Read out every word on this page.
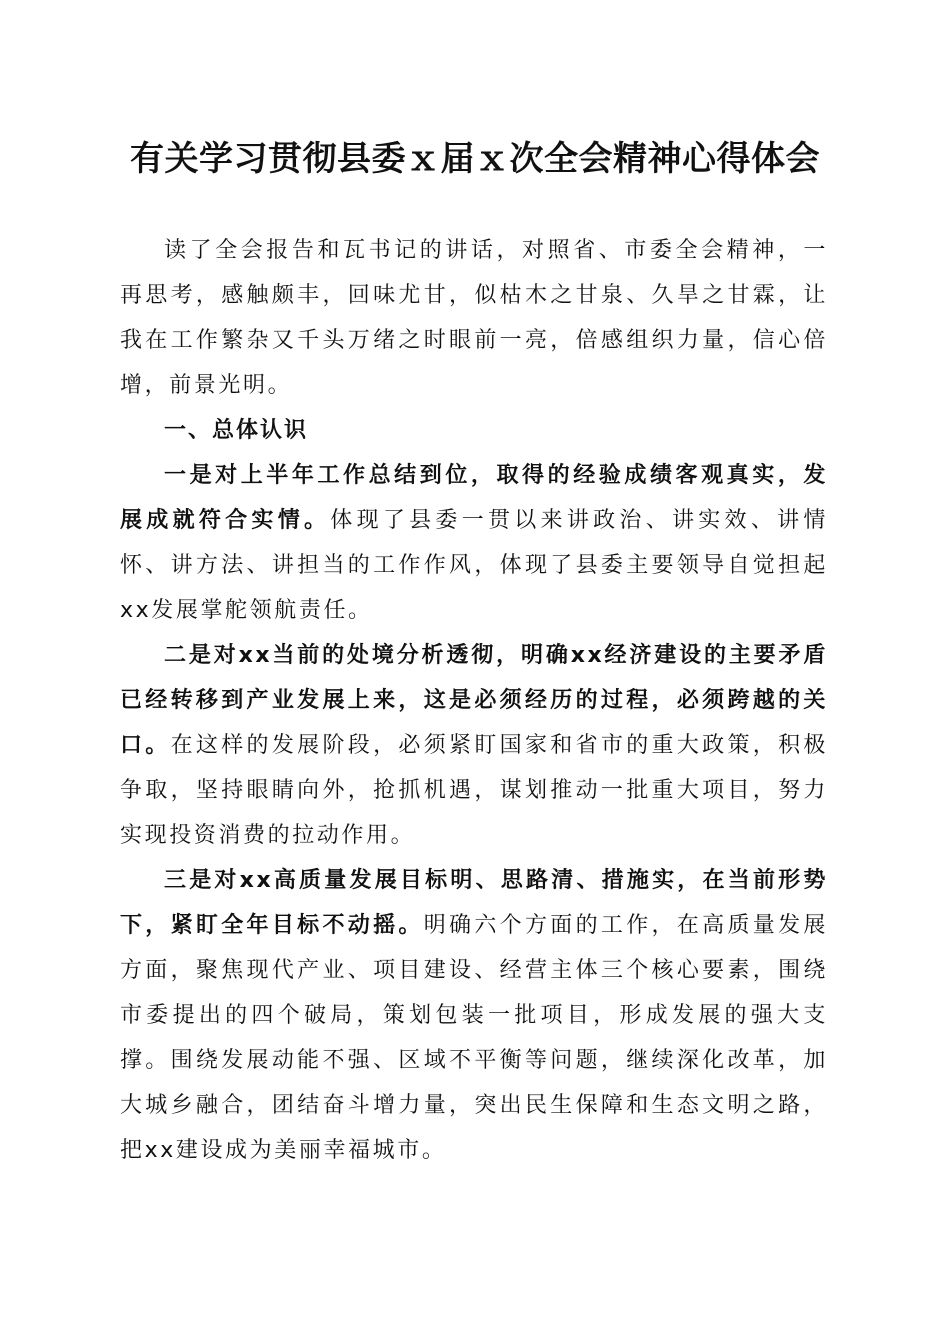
有关学习贯彻县委ｘ届ｘ次全会精神心得体会

读了全会报告和瓦书记的讲话，对照省、市委全会精神，一再思考，感触颇丰，回味尤甘，似枯木之甘泉、久旱之甘霖，让我在工作繁杂又千头万绪之时眼前一亮，倍感组织力量，信心倍增，前景光明。

一、总体认识

一是对上半年工作总结到位，取得的经验成绩客观真实，发展成就符合实情。体现了县委一贯以来讲政治、讲实效、讲情怀、讲方法、讲担当的工作作风，体现了县委主要领导自觉担起xx发展掌舵领航责任。

二是对xx当前的处境分析透彻，明确xx经济建设的主要矛盾已经转移到产业发展上来，这是必须经历的过程，必须跨越的关口。在这样的发展阶段，必须紧盯国家和省市的重大政策，积极争取，坚持眼睛向外，抢抓机遇，谋划推动一批重大项目，努力实现投资消费的拉动作用。

三是对xx高质量发展目标明、思路清、措施实，在当前形势下，紧盯全年目标不动摇。明确六个方面的工作，在高质量发展方面，聚焦现代产业、项目建设、经营主体三个核心要素，围绕市委提出的四个破局，策划包装一批项目，形成发展的强大支撑。围绕发展动能不强、区域不平衡等问题，继续深化改革，加大城乡融合，团结奋斗增力量，突出民生保障和生态文明之路，把xx建设成为美丽幸福城市。
